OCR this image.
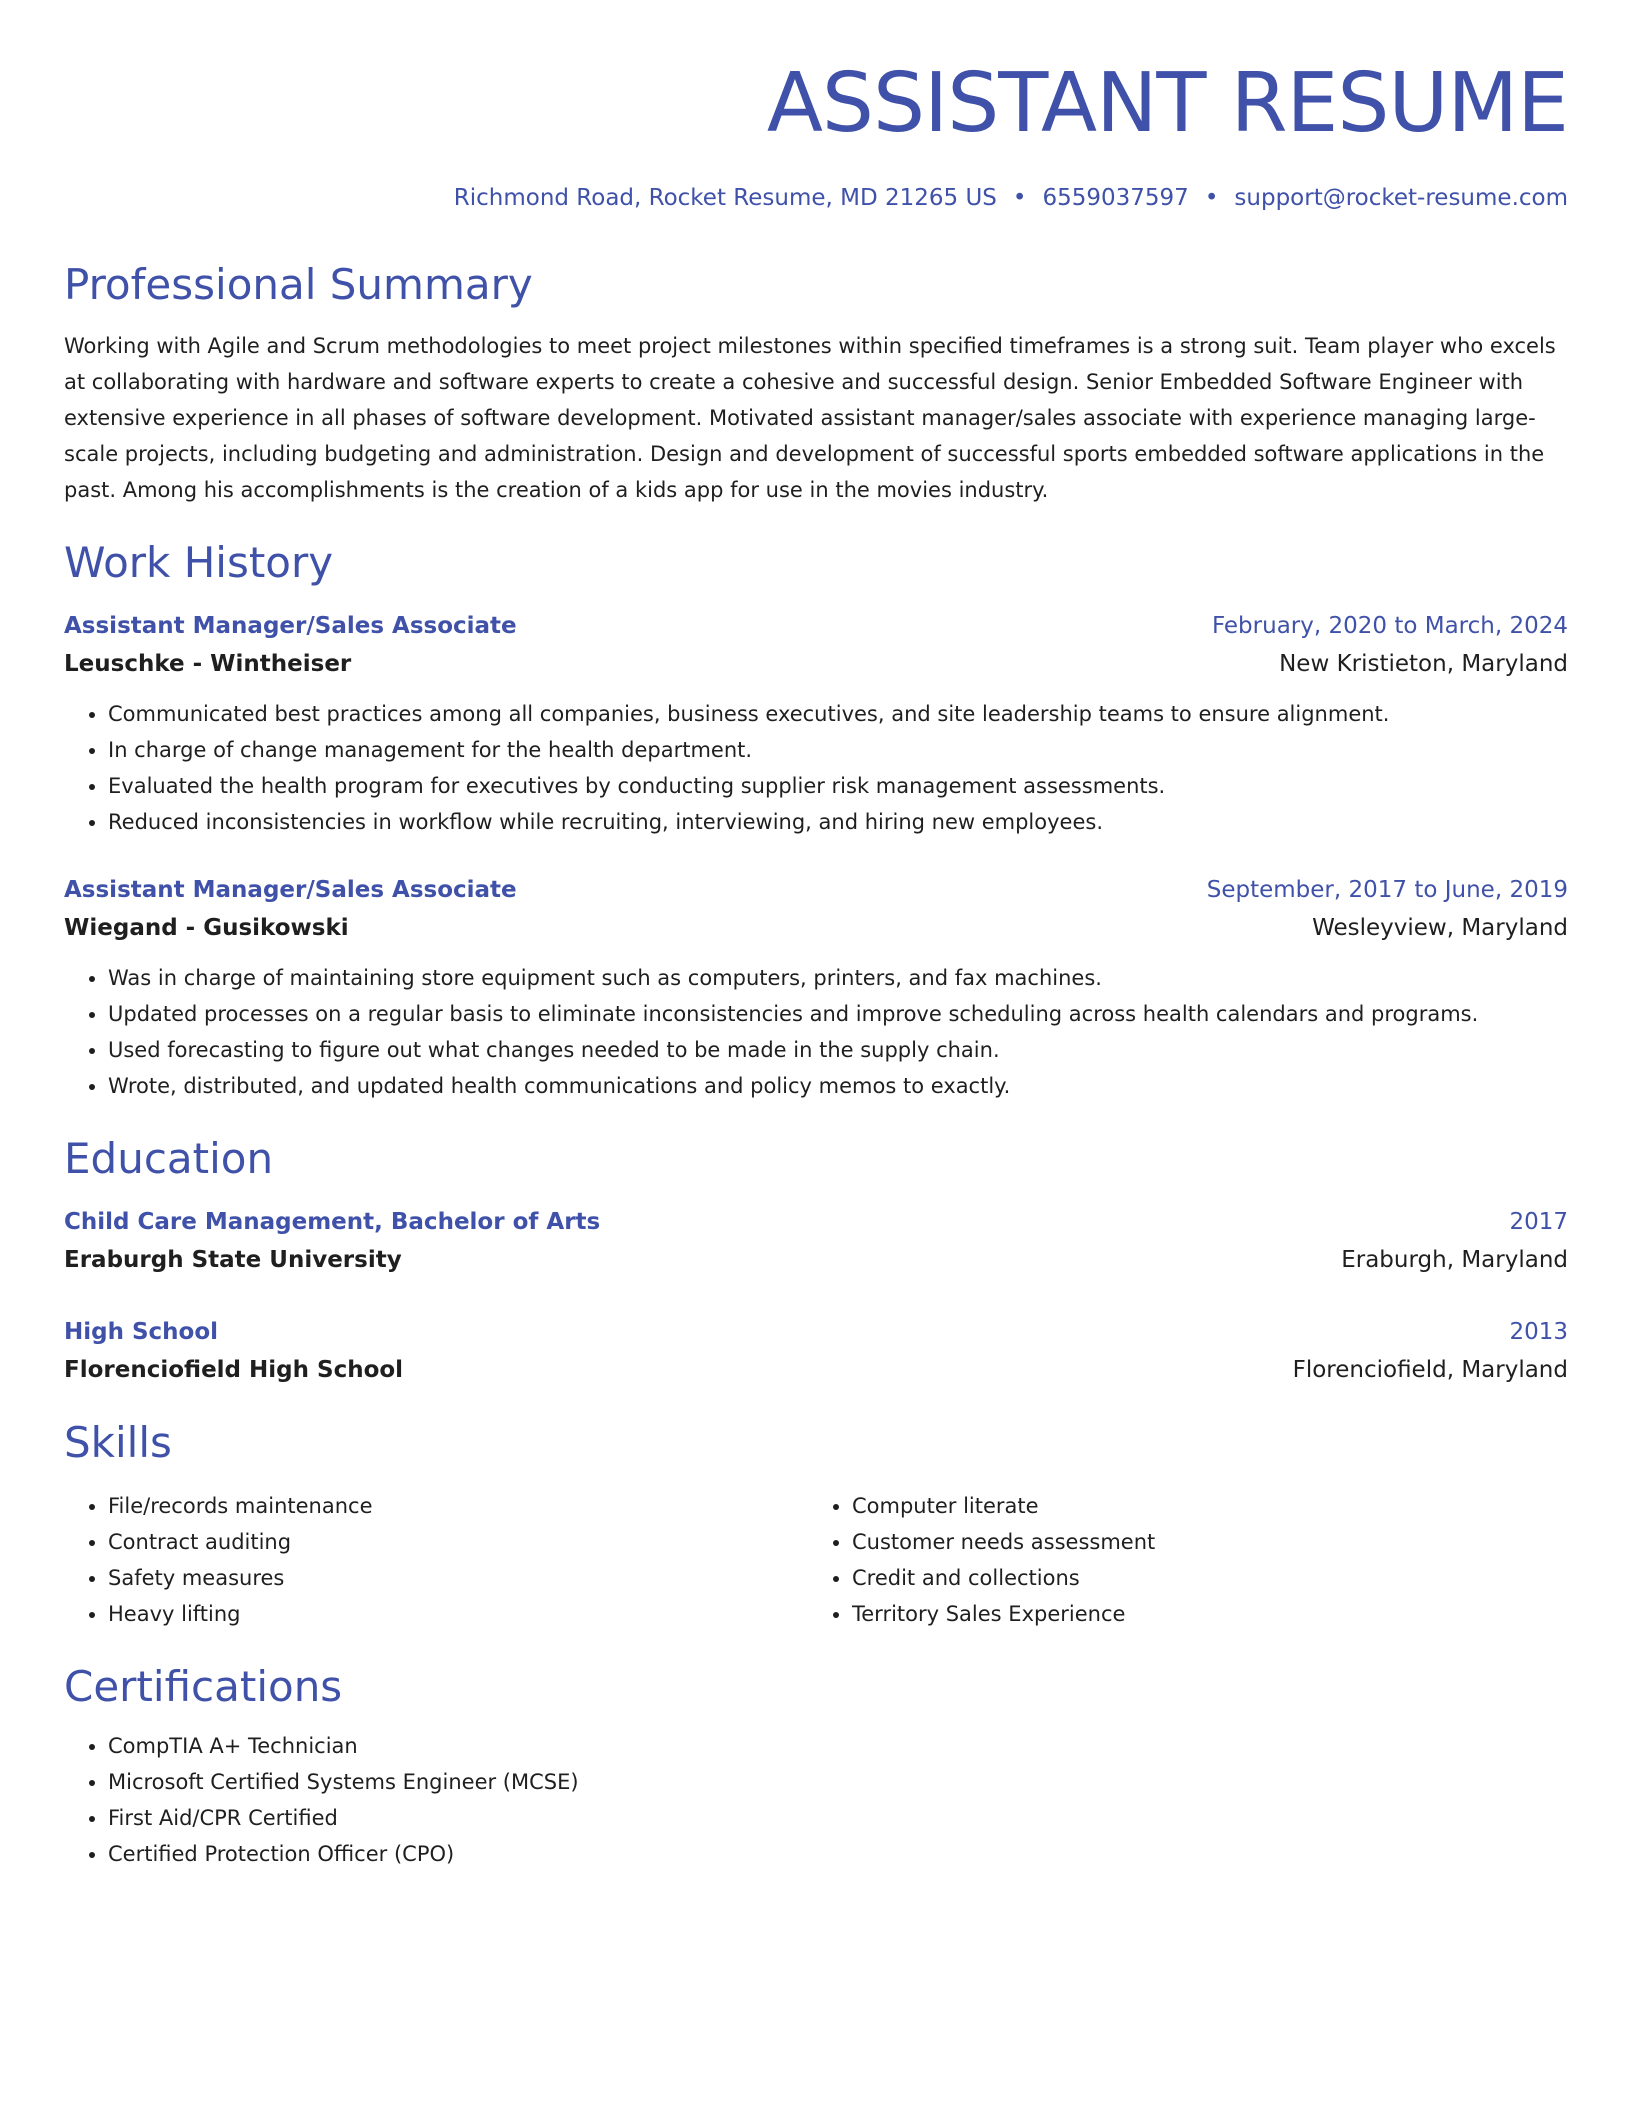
ASSISTANT RESUME
Richmond Road, Rocket Resume, MD 21265 US • 6559037597 • support@rocket-resume.com
Professional Summary
Working with Agile and Scrum methodologies to meet project milestones within specified timeframes is a strong suit. Team player who excels at collaborating with hardware and software experts to create a cohesive and successful design. Senior Embedded Software Engineer with extensive experience in all phases of software development. Motivated assistant manager/sales associate with experience managing large-scale projects, including budgeting and administration. Design and development of successful sports embedded software applications in the past. Among his accomplishments is the creation of a kids app for use in the movies industry.
Work History
Assistant Manager/Sales Associate	February, 2020 to March, 2024
Leuschke - Wintheiser	New Kristieton, Maryland
• Communicated best practices among all companies, business executives, and site leadership teams to ensure alignment.
• In charge of change management for the health department.
• Evaluated the health program for executives by conducting supplier risk management assessments.
• Reduced inconsistencies in workflow while recruiting, interviewing, and hiring new employees.
Assistant Manager/Sales Associate	September, 2017 to June, 2019
Wiegand - Gusikowski	Wesleyview, Maryland
• Was in charge of maintaining store equipment such as computers, printers, and fax machines.
• Updated processes on a regular basis to eliminate inconsistencies and improve scheduling across health calendars and programs.
• Used forecasting to figure out what changes needed to be made in the supply chain.
• Wrote, distributed, and updated health communications and policy memos to exactly.
Education
Child Care Management, Bachelor of Arts	2017
Eraburgh State University	Eraburgh, Maryland
High School	2013
Florenciofield High School	Florenciofield, Maryland
Skills
• File/records maintenance
• Contract auditing
• Safety measures
• Heavy lifting
• Computer literate
• Customer needs assessment
• Credit and collections
• Territory Sales Experience
Certifications
• CompTIA A+ Technician
• Microsoft Certified Systems Engineer (MCSE)
• First Aid/CPR Certified
• Certified Protection Officer (CPO)
